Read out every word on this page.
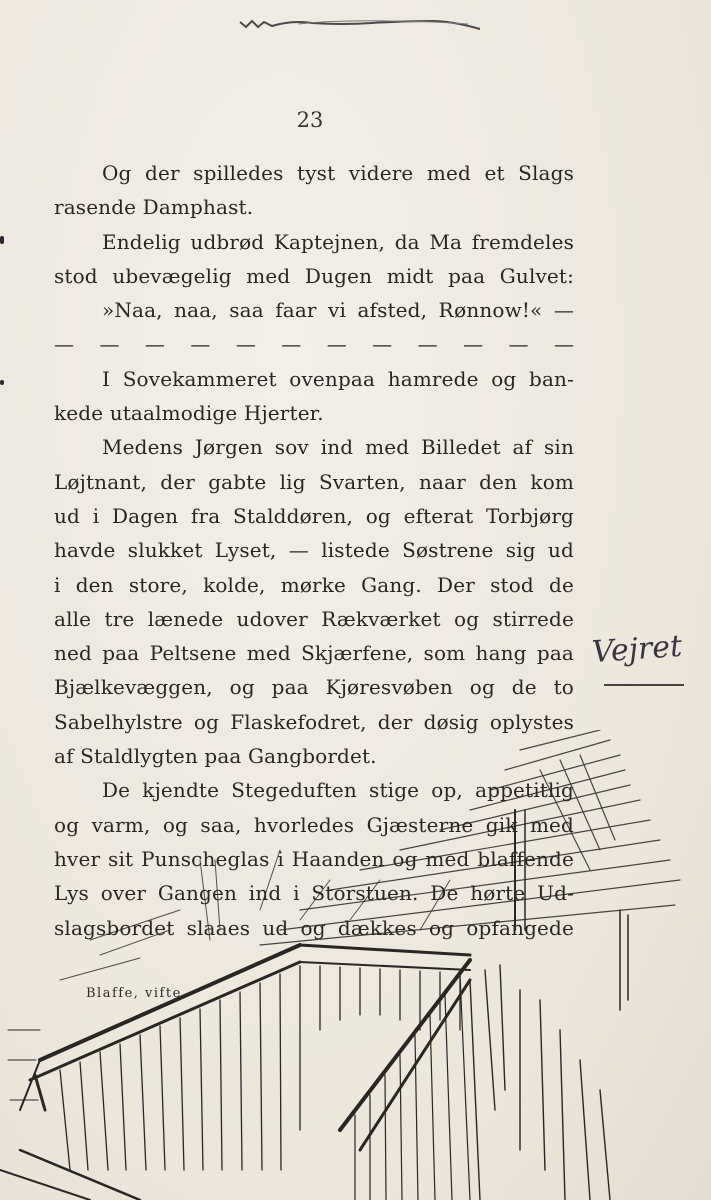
23
Og der spilledes tyst videre med et Slags
rasende Damphast.
Endelig udbrød Kaptejnen, da Ma fremdeles
stod ubevægelig med Dugen midt paa Gulvet:
»Naa, naa, saa faar vi afsted, Rønnow!« —
— — — — — — — — — — — —
I Sovekammeret ovenpaa hamrede og ban-
kede utaalmodige Hjerter.
Medens Jørgen sov ind med Billedet af sin
Løjtnant, der gabte lig Svarten, naar den kom
ud i Dagen fra Stalddøren, og efterat Torbjørg
havde slukket Lyset, — listede Søstrene sig ud
i den store, kolde, mørke Gang. Der stod de
alle tre lænede udover Rækværket og stirrede
ned paa Peltsene med Skjærfene, som hang paa
Bjælkevæggen, og paa Kjøresvøben og de to
Sabelhylstre og Flaskefodret, der døsig oplystes
af Staldlygten paa Gangbordet.
De kjendte Stegeduften stige op, appetitlig
og varm, og saa, hvorledes Gjæsterne gik med
hver sit Punscheglas i Haanden og med blaffende
Lys over Gangen ind i Storstuen. De hørte Ud-
slagsbordet slaaes ud og dækkes og opfangede
Vejret
Blaffe, vifte
